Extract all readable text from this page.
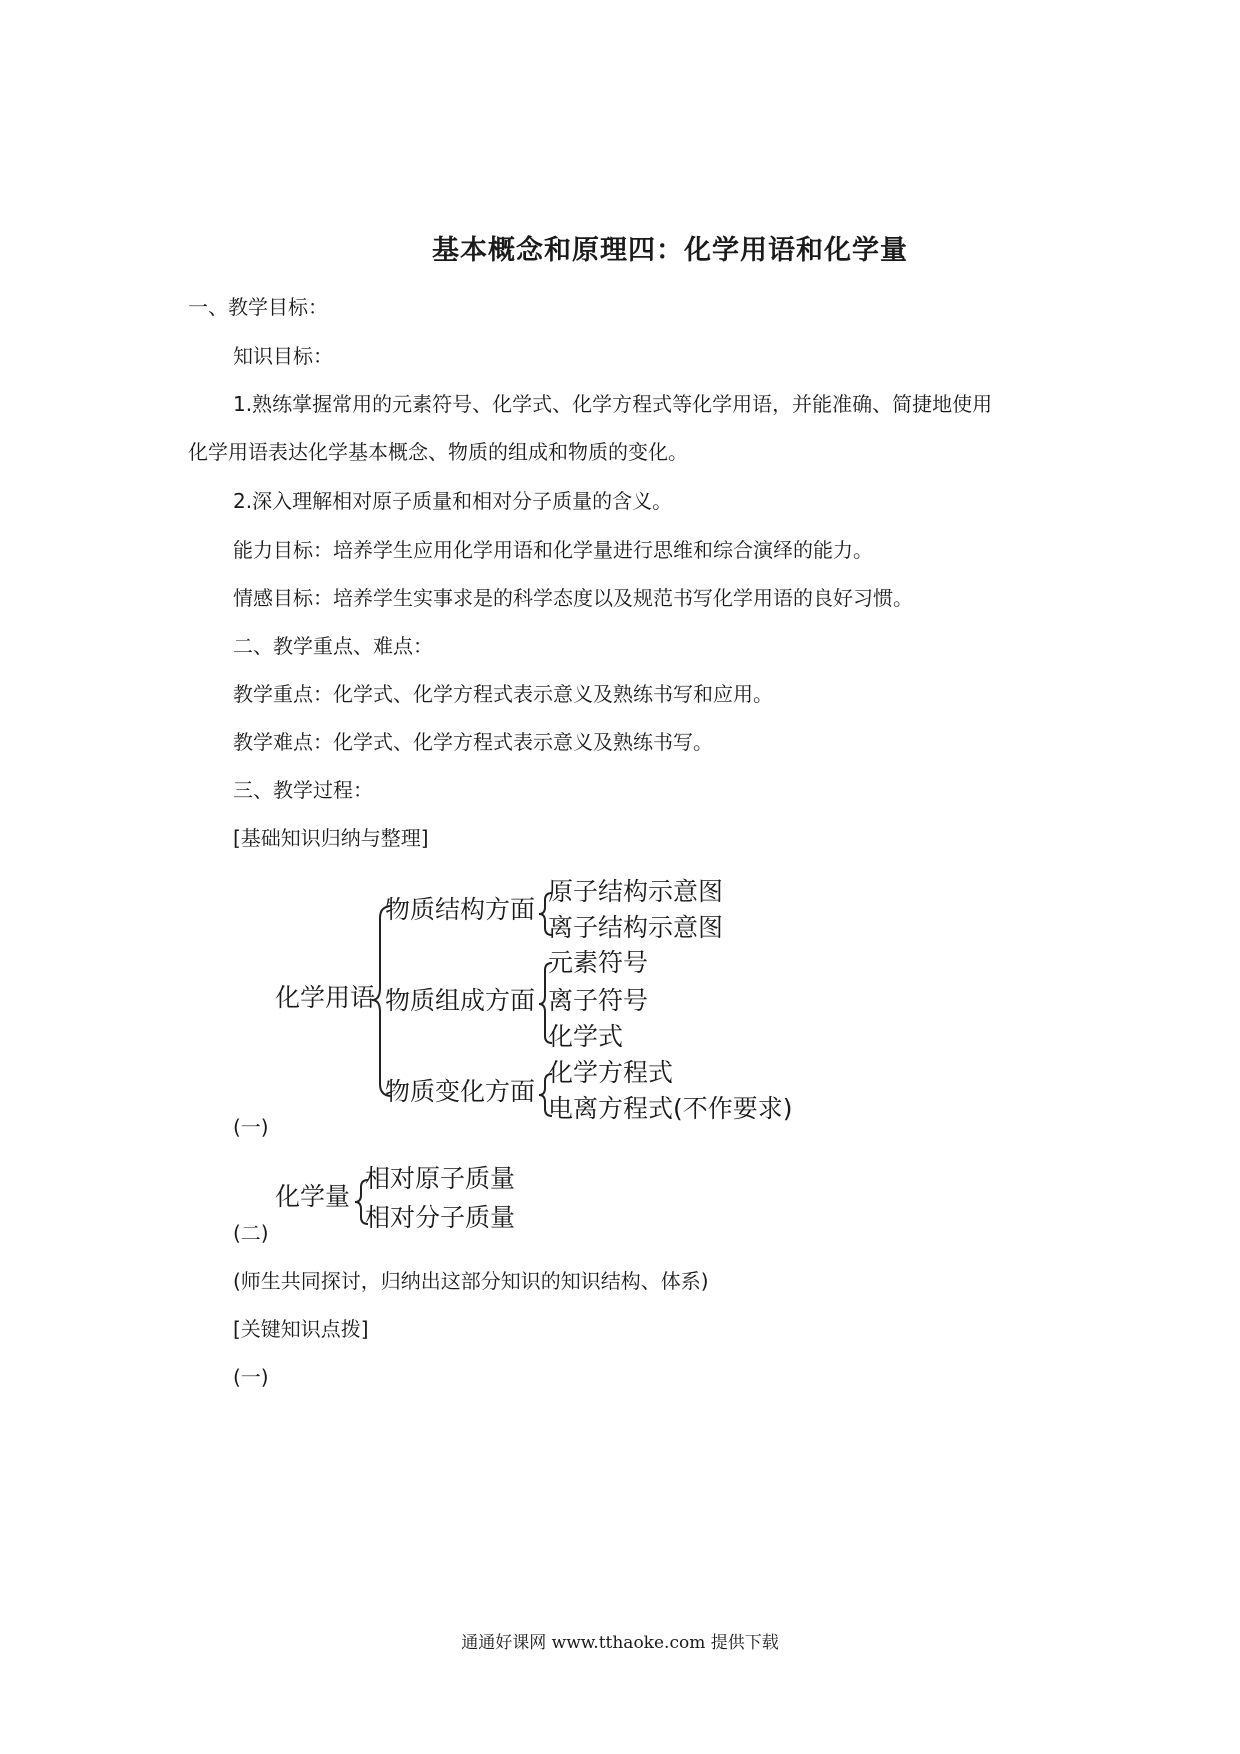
基本概念和原理四：化学用语和化学量
一、教学目标：
知识目标：
1.熟练掌握常用的元素符号、化学式、化学方程式等化学用语，并能准确、简捷地使用
化学用语表达化学基本概念、物质的组成和物质的变化。
2.深入理解相对原子质量和相对分子质量的含义。
能力目标：培养学生应用化学用语和化学量进行思维和综合演绎的能力。
情感目标：培养学生实事求是的科学态度以及规范书写化学用语的良好习惯。
二、教学重点、难点：
教学重点：化学式、化学方程式表示意义及熟练书写和应用。
教学难点：化学式、化学方程式表示意义及熟练书写。
三、教学过程：
[基础知识归纳与整理]
化学用语
物质结构方面
物质组成方面
物质变化方面
原子结构示意图
离子结构示意图
元素符号
离子符号
化学式
化学方程式
电离方程式(不作要求)
(一)
化学量
相对原子质量
相对分子质量
(二)
(师生共同探讨，归纳出这部分知识的知识结构、体系)
[关键知识点拨]
(一)
通通好课网 www.tthaoke.com 提供下载
